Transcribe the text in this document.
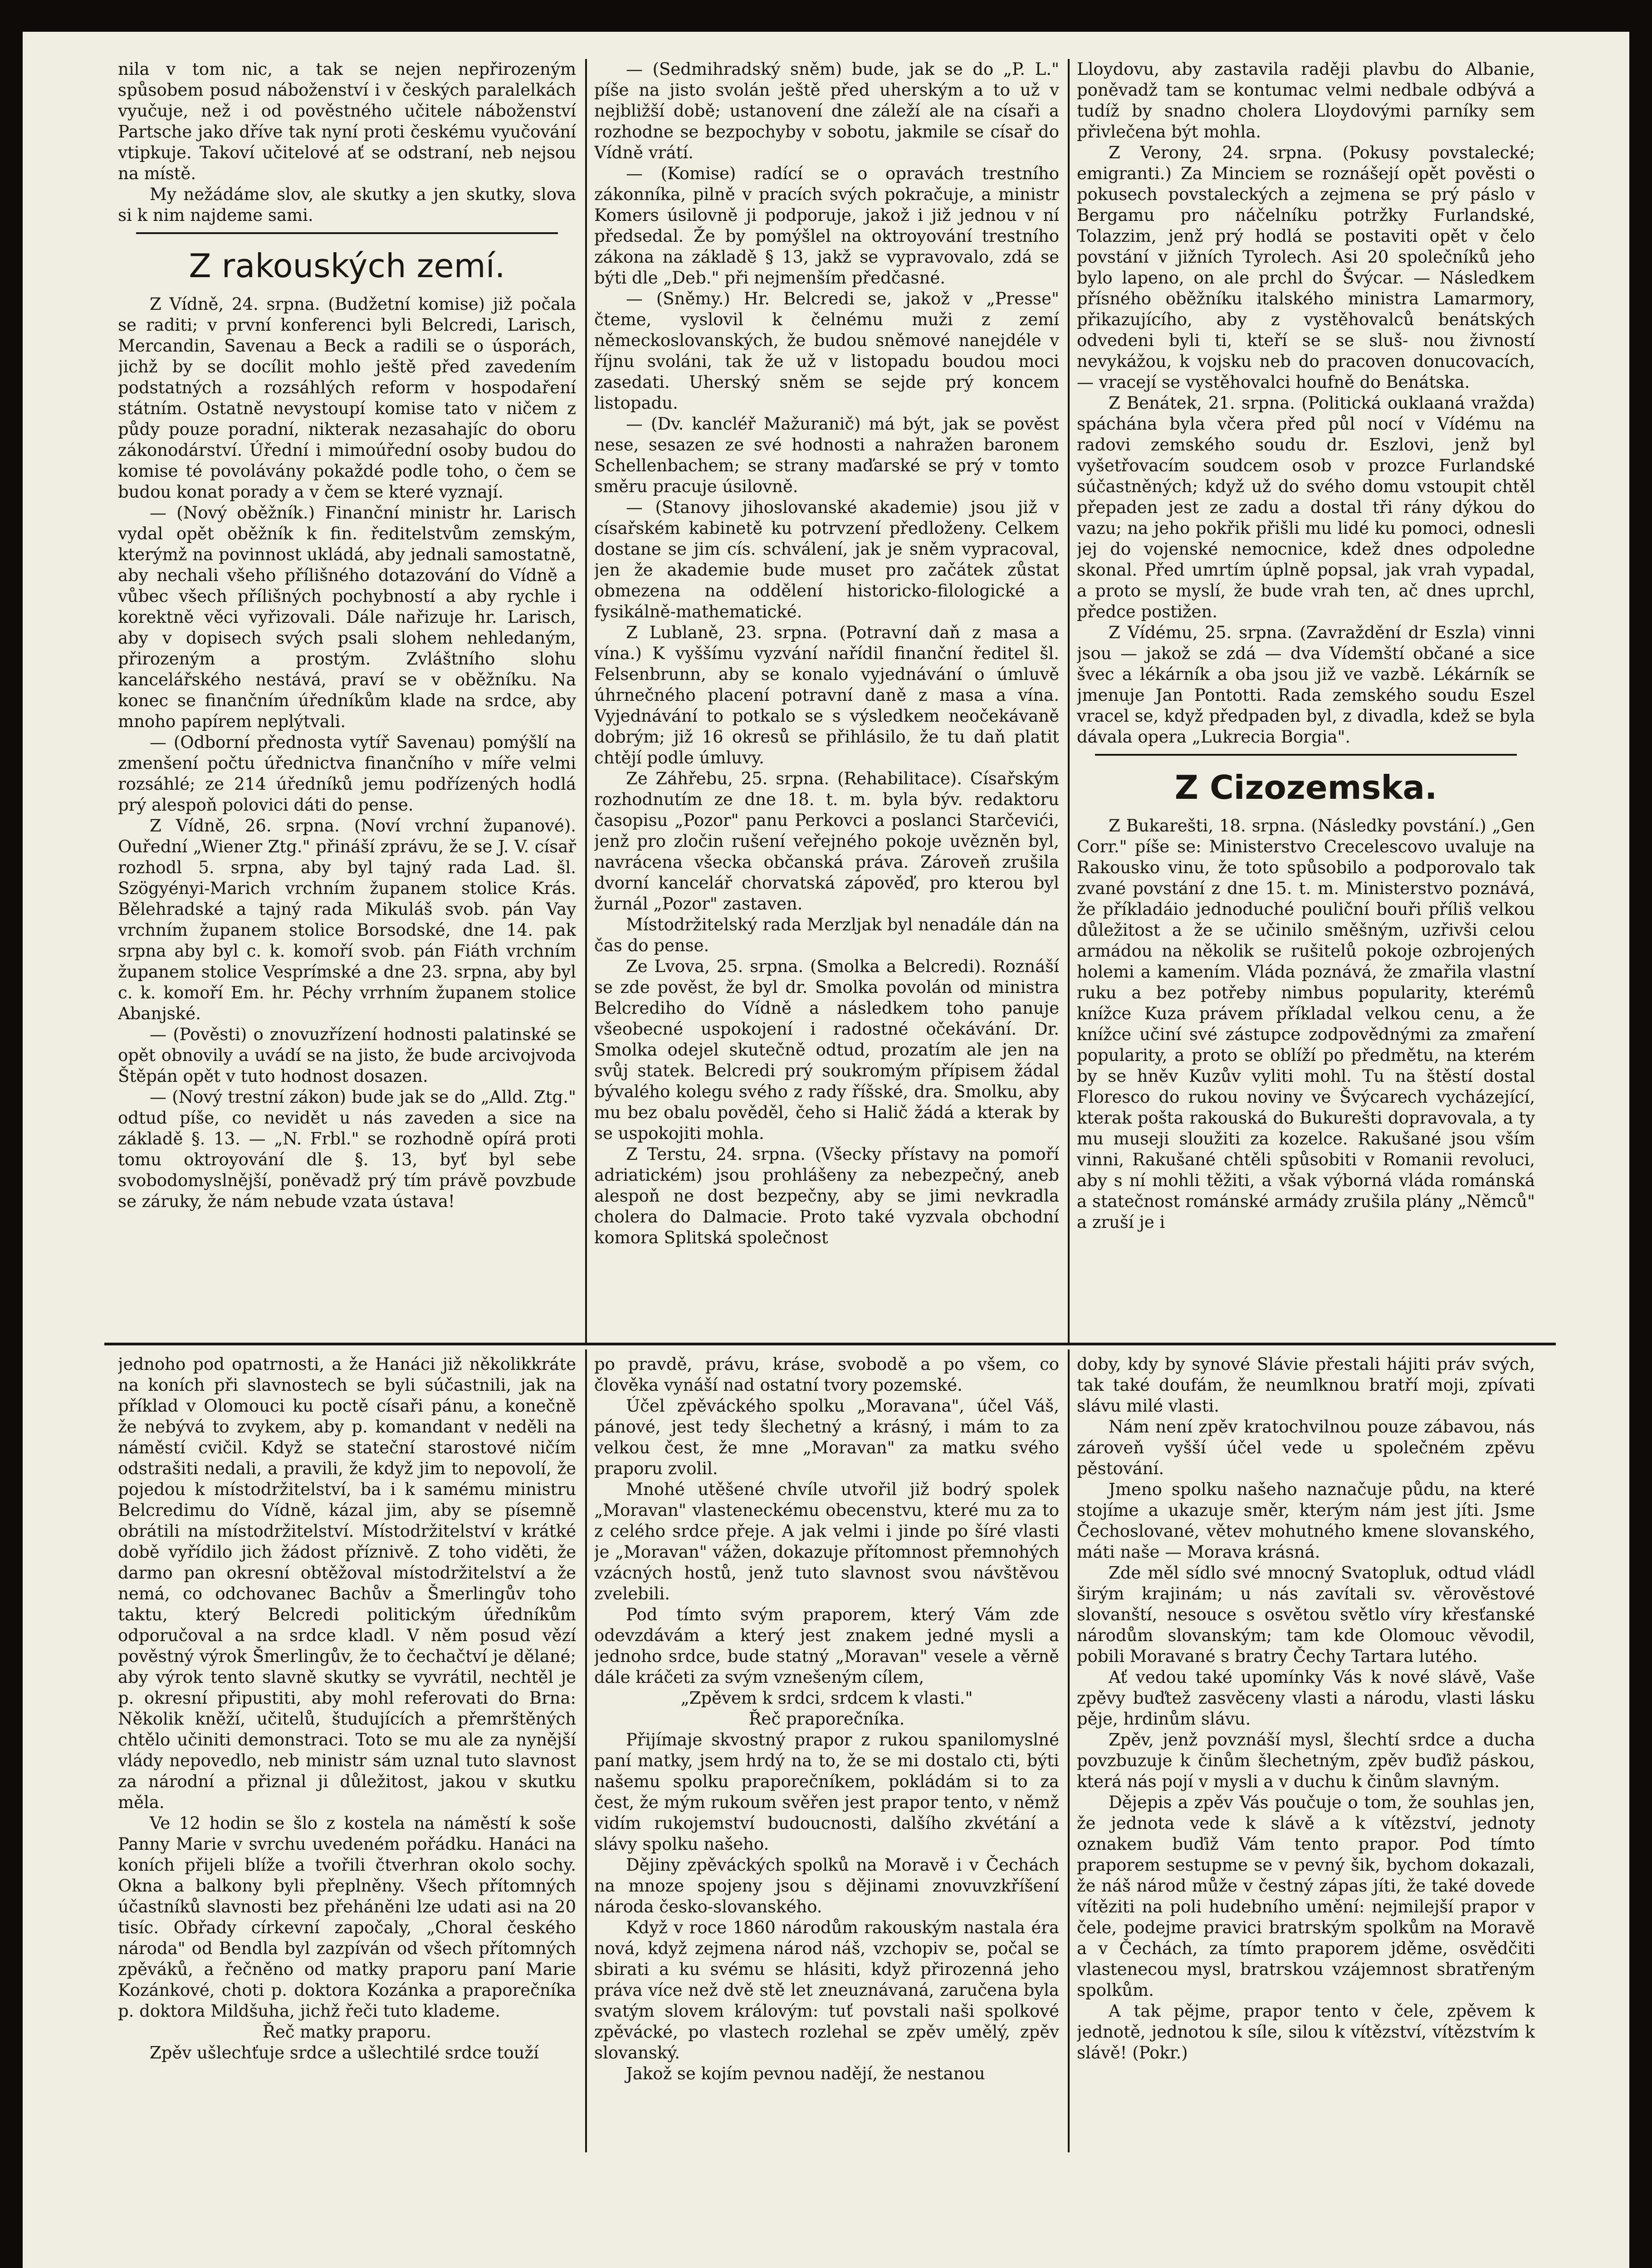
nila v tom nic, a tak se nejen nepřirozeným spůsobem posud náboženství i v českých paralelkách vyučuje, než i od pověstného učitele náboženství Partsche jako dříve tak nyní proti českému vyučování vtipkuje. Takoví učitelové ať se odstraní, neb nejsou na místě.

My nežádáme slov, ale skutky a jen skutky, slova si k nim najdeme sami.

Z rakouských zemí.

Z Vídně, 24. srpna. (Budžetní komise) již počala se raditi; v první konferenci byli Belcredi, Larisch, Mercandin, Savenau a Beck a radili se o úsporách, jichž by se docílit mohlo ještě před zavedením podstatných a rozsáhlých reform v hospodaření státním. Ostatně nevystoupí komise tato v ničem z půdy pouze poradní, nikterak nezasahajíc do oboru zákonodárství. Úřední i mimoúřední osoby budou do komise té povolávány pokaždé podle toho, o čem se budou konat porady a v čem se které vyznají.

— (Nový oběžník.) Finanční ministr hr. Larisch vydal opět oběžník k fin. ředitelstvům zemským, kterýmž na povinnost ukládá, aby jednali samostatně, aby nechali všeho přílišného dotazování do Vídně a vůbec všech přílišných pochybností a aby rychle i korektně věci vyřizovali. Dále nařizuje hr. Larisch, aby v dopisech svých psali slohem nehledaným, přirozeným a prostým. Zvláštního slohu kancelářského nestává, praví se v oběžníku. Na konec se finančním úředníkům klade na srdce, aby mnoho papírem neplýtvali.

— (Odborní přednosta vytíř Savenau) pomýšlí na zmenšení počtu úřednictva finančního v míře velmi rozsáhlé; ze 214 úředníků jemu podřízených hodlá prý alespoň polovici dáti do pense.

Z Vídně, 26. srpna. (Noví vrchní županové). Ouřední „Wiener Ztg." přináší zprávu, že se J. V. císař rozhodl 5. srpna, aby byl tajný rada Lad. šl. Szögyényi-Marich vrchním županem stolice Krás. Bělehradské a tajný rada Mikuláš svob. pán Vay vrchním županem stolice Borsodské, dne 14. pak srpna aby byl c. k. komoří svob. pán Fiáth vrchním županem stolice Vesprímské a dne 23. srpna, aby byl c. k. komoří Em. hr. Péchy vrrhním županem stolice Abanjské.

— (Pověsti) o znovuzřízení hodnosti palatinské se opět obnovily a uvádí se na jisto, že bude arcivojvoda Štěpán opět v tuto hodnost dosazen.

— (Nový trestní zákon) bude jak se do „Alld. Ztg." odtud píše, co nevidět u nás zaveden a sice na základě §. 13. — „N. Frbl." se rozhodně opírá proti tomu oktroyování dle §. 13, byť byl sebe svobodomyslnější, poněvadž prý tím právě povzbude se záruky, že nám nebude vzata ústava!

— (Sedmihradský sněm) bude, jak se do „P. L." píše na jisto svolán ještě před uherským a to už v nejbližší době; ustanovení dne záleží ale na císaři a rozhodne se bezpochyby v sobotu, jakmile se císař do Vídně vrátí.

— (Komise) radící se o opravách trestního zákonníka, pilně v pracích svých pokračuje, a ministr Komers úsilovně ji podporuje, jakož i již jednou v ní předsedal. Že by pomýšlel na oktroyování trestního zákona na základě § 13, jakž se vypravovalo, zdá se býti dle „Deb." při nejmenším předčasné.

— (Sněmy.) Hr. Belcredi se, jakož v „Presse" čteme, vyslovil k čelnému muži z zemí německoslovanských, že budou sněmové nanejdéle v říjnu svoláni, tak že už v listopadu boudou moci zasedati. Uherský sněm se sejde prý koncem listopadu.

— (Dv. kancléř Mažuranič) má být, jak se pověst nese, sesazen ze své hodnosti a nahražen baronem Schellenbachem; se strany maďarské se prý v tomto směru pracuje úsilovně.

— (Stanovy jihoslovanské akademie) jsou již v císařském kabinetě ku potrvzení předloženy. Celkem dostane se jim cís. schválení, jak je sněm vypracoval, jen že akademie bude muset pro začátek zůstat obmezena na oddělení historicko-filologické a fysikálně-mathematické.

Z Lublaně, 23. srpna. (Potravní daň z masa a vína.) K vyššímu vyzvání nařídil finanční ředitel šl. Felsenbrunn, aby se konalo vyjednávání o úmluvě úhrnečného placení potravní daně z masa a vína. Vyjednávání to potkalo se s výsledkem neočekávaně dobrým; již 16 okresů se přihlásilo, že tu daň platit chtějí podle úmluvy.

Ze Záhřebu, 25. srpna. (Rehabilitace). Císařským rozhodnutím ze dne 18. t. m. byla býv. redaktoru časopisu „Pozor" panu Perkovci a poslanci Starčevići, jenž pro zločin rušení veřejného pokoje uvězněn byl, navrácena všecka občanská práva. Zároveň zrušila dvorní kancelář chorvatská zápověď, pro kterou byl žurnál „Pozor" zastaven.

Místodržitelský rada Merzljak byl nenadále dán na čas do pense.

Ze Lvova, 25. srpna. (Smolka a Belcredi). Roznáší se zde pověst, že byl dr. Smolka povolán od ministra Belcrediho do Vídně a následkem toho panuje všeobecné uspokojení i radostné očekávání. Dr. Smolka odejel skutečně odtud, prozatím ale jen na svůj statek. Belcredi prý soukromým přípisem žádal bývalého kolegu svého z rady říšské, dra. Smolku, aby mu bez obalu pověděl, čeho si Halič žádá a kterak by se uspokojiti mohla.

Z Terstu, 24. srpna. (Všecky přístavy na pomoří adriatickém) jsou prohlášeny za nebezpečný, aneb alespoň ne dost bezpečny, aby se jimi nevkradla cholera do Dalmacie. Proto také vyzvala obchodní komora Splitská společnost

Lloydovu, aby zastavila raději plavbu do Albanie, poněvadž tam se kontumac velmi nedbale odbývá a tudíž by snadno cholera Lloydovými parníky sem přivlečena být mohla.

Z Verony, 24. srpna. (Pokusy povstalecké; emigranti.) Za Minciem se roznášejí opět pověsti o pokusech povstaleckých a zejmena se prý páslo v Bergamu pro náčelníku potržky Furlandské, Tolazzim, jenž prý hodlá se postaviti opět v čelo povstání v jižních Tyrolech. Asi 20 společníků jeho bylo lapeno, on ale prchl do Švýcar. — Následkem přísného oběžníku italského ministra Lamarmory, přikazujícího, aby z vystěhovalců benátských odvedeni byli ti, kteří se se sluš- nou živností nevykážou, k vojsku neb do pracoven donucovacích, — vracejí se vystěhovalci houfně do Benátska.

Z Benátek, 21. srpna. (Politická ouklaaná vražda) spáchána byla včera před půl nocí v Vídému na radovi zemského soudu dr. Eszlovi, jenž byl vyšetřovacím soudcem osob v prozce Furlandské súčastněných; když už do svého domu vstoupit chtěl přepaden jest ze zadu a dostal tři rány dýkou do vazu; na jeho pokřik přišli mu lidé ku pomoci, odnesli jej do vojenské nemocnice, kdež dnes odpoledne skonal. Před umrtím úplně popsal, jak vrah vypadal, a proto se myslí, že bude vrah ten, ač dnes uprchl, předce postižen.

Z Vídému, 25. srpna. (Zavraždění dr Eszla) vinni jsou — jakož se zdá — dva Vídemští občané a sice švec a lékárník a oba jsou již ve vazbě. Lékárník se jmenuje Jan Pontotti. Rada zemského soudu Eszel vracel se, když předpaden byl, z divadla, kdež se byla dávala opera „Lukrecia Borgia".

Z Cizozemska.

Z Bukarešti, 18. srpna. (Následky povstání.) „Gen Corr." píše se: Ministerstvo Crecelescovo uvaluje na Rakousko vinu, že toto spůsobilo a podporovalo tak zvané povstání z dne 15. t. m. Ministerstvo poznává, že příkladáio jednoduché pouliční bouři příliš velkou důležitost a že se učinilo směšným, uzřivši celou armádou na několik se rušitelů pokoje ozbrojených holemi a kamením. Vláda poznává, že zmařila vlastní ruku a bez potřeby nimbus popularity, kterémů knížce Kuza právem příkladal velkou cenu, a že knížce učiní své zástupce zodpovědnými za zmaření popularity, a proto se oblíží po předmětu, na kterém by se hněv Kuzův vyliti mohl. Tu na štěstí dostal Floresco do rukou noviny ve Švýcarech vycházející, kterak pošta rakouská do Bukurešti dopravovala, a ty mu museji sloužiti za kozelce. Rakušané jsou vším vinni, Rakušané chtěli spůsobiti v Romanii revoluci, aby s ní mohli těžiti, a však výborná vláda románská a statečnost románské armády zrušila plány „Němců" a zruší je i

jednoho pod opatrnosti, a že Hanáci již několikkráte na koních při slavnostech se byli súčastnili, jak na příklad v Olomouci ku poctě císaři pánu, a konečně že nebývá to zvykem, aby p. komandant v neděli na náměstí cvičil. Když se stateční starostové ničím odstrašiti nedali, a pravili, že když jim to nepovolí, že pojedou k místodržitelství, ba i k samému ministru Belcredimu do Vídně, kázal jim, aby se písemně obrátili na místodržitelství. Místodržitelství v krátké době vyřídilo jich žádost příznivě. Z toho viděti, že darmo pan okresní obtěžoval místodržitelství a že nemá, co odchovanec Bachův a Šmerlingův toho taktu, který Belcredi politickým úředníkům odporučoval a na srdce kladl. V něm posud vězí pověstný výrok Šmerlingův, že to čechačtví je dělané; aby výrok tento slavně skutky se vyvrátil, nechtěl je p. okresní připustiti, aby mohl referovati do Brna: Několik kněží, učitelů, študujících a přemrštěných chtělo učiniti demonstraci. Toto se mu ale za nynější vlády nepovedlo, neb ministr sám uznal tuto slavnost za národní a přiznal ji důležitost, jakou v skutku měla.

Ve 12 hodin se šlo z kostela na náměstí k soše Panny Marie v svrchu uvedeném pořádku. Hanáci na koních přijeli blíže a tvořili čtverhran okolo sochy. Okna a balkony byli přeplněny. Všech přítomných účastníků slavnosti bez přeháněni lze udati asi na 20 tisíc. Obřady církevní započaly, „Choral českého národa" od Bendla byl zazpíván od všech přítomných zpěváků, a řečněno od matky praporu paní Marie Kozánkové, choti p. doktora Kozánka a praporečníka p. doktora Mildšuha, jichž řeči tuto klademe.

Řeč matky praporu.

Zpěv ušlechťuje srdce a ušlechtilé srdce touží

po pravdě, právu, kráse, svobodě a po všem, co člověka vynáší nad ostatní tvory pozemské.

Účel zpěváckého spolku „Moravana", účel Váš, pánové, jest tedy šlechetný a krásný, i mám to za velkou čest, že mne „Moravan" za matku svého praporu zvolil.

Mnohé utěšené chvíle utvořil již bodrý spolek „Moravan" vlasteneckému obecenstvu, které mu za to z celého srdce přeje. A jak velmi i jinde po šíré vlasti je „Moravan" vážen, dokazuje přítomnost přemnohých vzácných hostů, jenž tuto slavnost svou návštěvou zvelebili.

Pod tímto svým praporem, který Vám zde odevzdávám a který jest znakem jedné mysli a jednoho srdce, bude statný „Moravan" vesele a věrně dále kráčeti za svým vznešeným cílem,

„Zpěvem k srdci, srdcem k vlasti."

Řeč praporečníka.

Přijímaje skvostný prapor z rukou spanilomyslné paní matky, jsem hrdý na to, že se mi dostalo cti, býti našemu spolku praporečníkem, pokládám si to za čest, že mým rukoum svěřen jest prapor tento, v němž vidím rukojemství budoucnosti, dalšího zkvétání a slávy spolku našeho.

Dějiny zpěváckých spolků na Moravě i v Čechách na mnoze spojeny jsou s dějinami znovuvzkříšení národa česko-slovanského.

Když v roce 1860 národům rakouským nastala éra nová, když zejmena národ náš, vzchopiv se, počal se sbirati a ku svému se hlásiti, když přirozenná jeho práva více než dvě stě let zneuznávaná, zaručena byla svatým slovem královým: tuť povstali naši spolkové zpěvácké, po vlastech rozlehal se zpěv umělý, zpěv slovanský.

Jakož se kojím pevnou nadějí, že nestanou

doby, kdy by synové Slávie přestali hájiti práv svých, tak také doufám, že neumlknou bratří moji, zpívati slávu milé vlasti.

Nám není zpěv kratochvilnou pouze zábavou, nás zároveň vyšší účel vede u společném zpěvu pěstování.

Jmeno spolku našeho naznačuje půdu, na které stojíme a ukazuje směr, kterým nám jest jíti. Jsme Čechoslované, větev mohutného kmene slovanského, máti naše — Morava krásná.

Zde měl sídlo své mnocný Svatopluk, odtud vládl širým krajinám; u nás zavítali sv. věrověstové slovanští, nesouce s osvětou světlo víry křesťanské národům slovanským; tam kde Olomouc věvodil, pobili Moravané s bratry Čechy Tartara lutého.

Ať vedou také upomínky Vás k nové slávě, Vaše zpěvy buďtež zasvěceny vlasti a národu, vlasti lásku pěje, hrdinům slávu.

Zpěv, jenž povznáší mysl, šlechtí srdce a ducha povzbuzuje k činům šlechetným, zpěv buďiž páskou, která nás pojí v mysli a v duchu k činům slavným.

Dějepis a zpěv Vás poučuje o tom, že souhlas jen, že jednota vede k slávě a k vítězství, jednoty oznakem buďiž Vám tento prapor. Pod tímto praporem sestupme se v pevný šik, bychom dokazali, že náš národ může v čestný zápas jíti, že také dovede vítěziti na poli hudebního umění: nejmilejší prapor v čele, podejme pravici bratrským spolkům na Moravě a v Čechách, za tímto praporem jděme, osvědčiti vlastenecou mysl, bratrskou vzájemnost sbratřeným spolkům.

A tak pějme, prapor tento v čele, zpěvem k jednotě, jednotou k síle, silou k vítězství, vítězstvím k slávě! (Pokr.)
